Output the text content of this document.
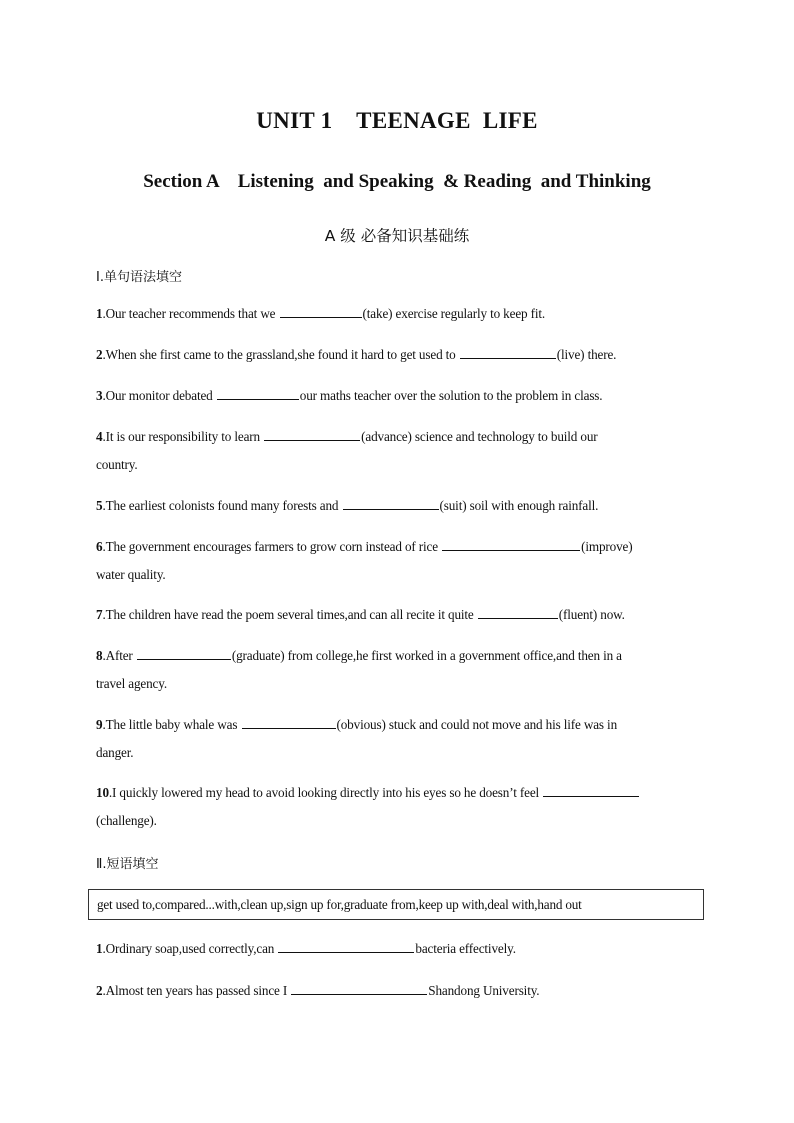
UNIT 1    TEENAGE  LIFE
Section A    Listening  and Speaking  & Reading  and Thinking
A 级 必备知识基础练
Ⅰ.单句语法填空
1.Our teacher recommends that we	(take) exercise regularly to keep fit.
2.When she first came to the grassland,she found it hard to get used to	(live) there.
3.Our monitor debated	our maths teacher over the solution to the problem in class.
4.It is our responsibility to learn	(advance) science and technology to build our
country.
5.The earliest colonists found many forests and	(suit) soil with enough rainfall.
6.The government encourages farmers to grow corn instead of rice	(improve)
water quality.
7.The children have read the poem several times,and can all recite it quite	(fluent) now.
8.After	(graduate) from college,he first worked in a government office,and then in a
travel agency.
9.The little baby whale was	(obvious) stuck and could not move and his life was in
danger.
10.I quickly lowered my head to avoid looking directly into his eyes so he doesn’t feel
(challenge).
Ⅱ.短语填空
get used to,compared...with,clean up,sign up for,graduate from,keep up with,deal with,hand out
1.Ordinary soap,used correctly,can	bacteria effectively.
2.Almost ten years has passed since I	Shandong University.
